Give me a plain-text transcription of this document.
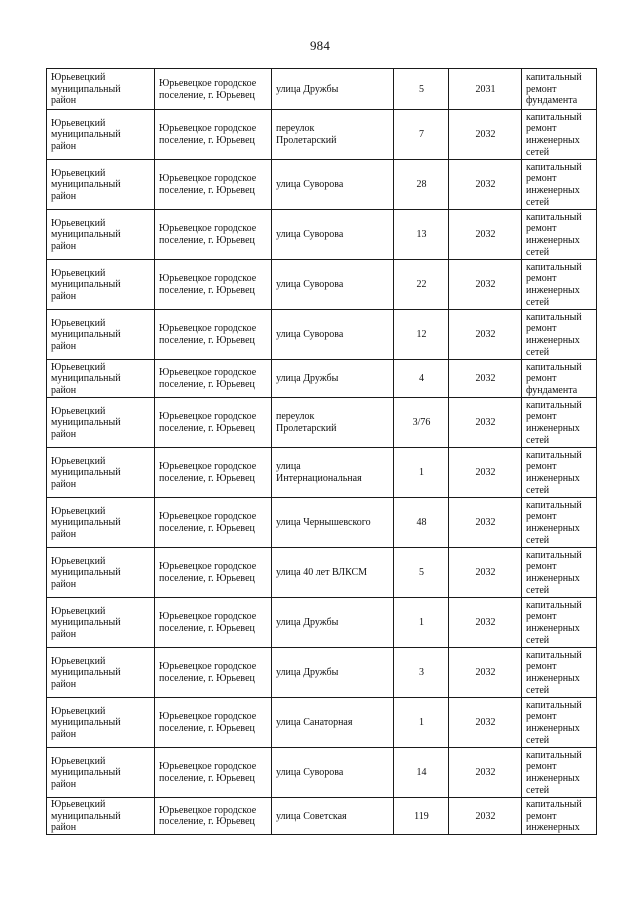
984
Юрьевецкий
муниципальный
район	Юрьевецкое городское
поселение, г. Юрьевец	улица Дружбы	5	2031	капитальный
ремонт
фундамента

Юрьевецкий
муниципальный
район	Юрьевецкое городское
поселение, г. Юрьевец	переулок
Пролетарский	7	2032	капитальный
ремонт
инженерных
сетей

Юрьевецкий
муниципальный
район	Юрьевецкое городское
поселение, г. Юрьевец	улица Суворова	28	2032	капитальный
ремонт
инженерных
сетей

Юрьевецкий
муниципальный
район	Юрьевецкое городское
поселение, г. Юрьевец	улица Суворова	13	2032	капитальный
ремонт
инженерных
сетей

Юрьевецкий
муниципальный
район	Юрьевецкое городское
поселение, г. Юрьевец	улица Суворова	22	2032	капитальный
ремонт
инженерных
сетей

Юрьевецкий
муниципальный
район	Юрьевецкое городское
поселение, г. Юрьевец	улица Суворова	12	2032	капитальный
ремонт
инженерных
сетей

Юрьевецкий
муниципальный
район	Юрьевецкое городское
поселение, г. Юрьевец	улица Дружбы	4	2032	капитальный
ремонт
фундамента

Юрьевецкий
муниципальный
район	Юрьевецкое городское
поселение, г. Юрьевец	переулок
Пролетарский	3/76	2032	капитальный
ремонт
инженерных
сетей

Юрьевецкий
муниципальный
район	Юрьевецкое городское
поселение, г. Юрьевец	улица
Интернациональная	1	2032	капитальный
ремонт
инженерных
сетей

Юрьевецкий
муниципальный
район	Юрьевецкое городское
поселение, г. Юрьевец	улица Чернышевского	48	2032	капитальный
ремонт
инженерных
сетей

Юрьевецкий
муниципальный
район	Юрьевецкое городское
поселение, г. Юрьевец	улица 40 лет ВЛКСМ	5	2032	капитальный
ремонт
инженерных
сетей

Юрьевецкий
муниципальный
район	Юрьевецкое городское
поселение, г. Юрьевец	улица Дружбы	1	2032	капитальный
ремонт
инженерных
сетей

Юрьевецкий
муниципальный
район	Юрьевецкое городское
поселение, г. Юрьевец	улица Дружбы	3	2032	капитальный
ремонт
инженерных
сетей

Юрьевецкий
муниципальный
район	Юрьевецкое городское
поселение, г. Юрьевец	улица Санаторная	1	2032	капитальный
ремонт
инженерных
сетей

Юрьевецкий
муниципальный
район	Юрьевецкое городское
поселение, г. Юрьевец	улица Суворова	14	2032	капитальный
ремонт
инженерных
сетей

Юрьевецкий
муниципальный
район	Юрьевецкое городское
поселение, г. Юрьевец	улица Советская	119	2032	капитальный
ремонт
инженерных
